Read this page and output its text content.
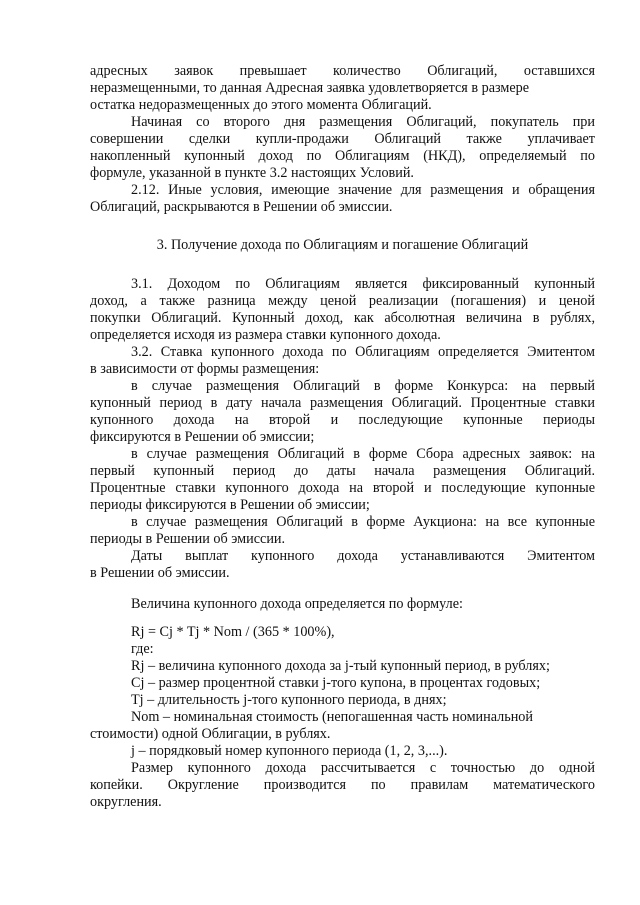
адресных заявок превышает количество Облигаций, оставшихся
неразмещенными, то данная Адресная заявка удовлетворяется в размере
остатка недоразмещенных до этого момента Облигаций.
Начиная со второго дня размещения Облигаций, покупатель при
совершении сделки купли-продажи Облигаций также уплачивает
накопленный купонный доход по Облигациям (НКД), определяемый по
формуле, указанной в пункте 3.2 настоящих Условий.
2.12. Иные условия, имеющие значение для размещения и обращения
Облигаций, раскрываются в Решении об эмиссии.
3. Получение дохода по Облигациям и погашение Облигаций
3.1. Доходом по Облигациям является фиксированный купонный
доход, а также разница между ценой реализации (погашения) и ценой
покупки Облигаций. Купонный доход, как абсолютная величина в рублях,
определяется исходя из размера ставки купонного дохода.
3.2. Ставка купонного дохода по Облигациям определяется Эмитентом
в зависимости от формы размещения:
в случае размещения Облигаций в форме Конкурса: на первый
купонный период в дату начала размещения Облигаций. Процентные ставки
купонного дохода на второй и последующие купонные периоды
фиксируются в Решении об эмиссии;
в случае размещения Облигаций в форме Сбора адресных заявок: на
первый купонный период до даты начала размещения Облигаций.
Процентные ставки купонного дохода на второй и последующие купонные
периоды фиксируются в Решении об эмиссии;
в случае размещения Облигаций в форме Аукциона: на все купонные
периоды в Решении об эмиссии.
Даты выплат купонного дохода устанавливаются Эмитентом
в Решении об эмиссии.
Величина купонного дохода определяется по формуле:
Rj = Cj * Tj * Nom / (365 * 100%),
где:
Rj – величина купонного дохода за j-тый купонный период, в рублях;
Cj – размер процентной ставки j-того купона, в процентах годовых;
Tj – длительность j-того купонного периода, в днях;
Nom – номинальная стоимость (непогашенная часть номинальной
стоимости) одной Облигации, в рублях.
j – порядковый номер купонного периода (1, 2, 3,...).
Размер купонного дохода рассчитывается с точностью до одной
копейки. Округление производится по правилам математического
округления.
